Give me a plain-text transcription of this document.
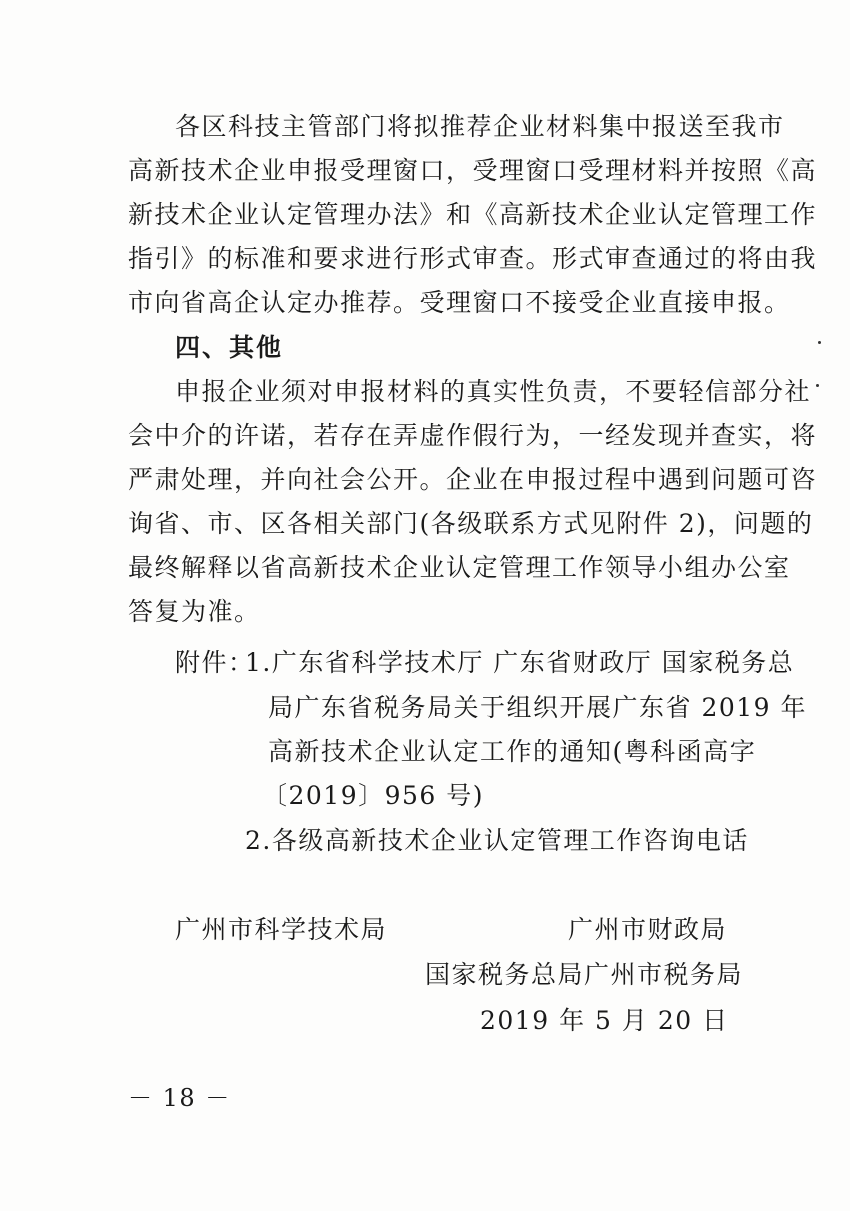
各区科技主管部门将拟推荐企业材料集中报送至我市
高新技术企业申报受理窗口，受理窗口受理材料并按照《高
新技术企业认定管理办法》和《高新技术企业认定管理工作
指引》的标准和要求进行形式审查。形式审查通过的将由我
市向省高企认定办推荐。受理窗口不接受企业直接申报。
四、其他
申报企业须对申报材料的真实性负责，不要轻信部分社
会中介的许诺，若存在弄虚作假行为，一经发现并查实，将
严肃处理，并向社会公开。企业在申报过程中遇到问题可咨
询省、市、区各相关部门(各级联系方式见附件 2)，问题的
最终解释以省高新技术企业认定管理工作领导小组办公室
答复为准。
附件：
1.广东省科学技术厅 广东省财政厅 国家税务总
局广东省税务局关于组织开展广东省 2019 年
高新技术企业认定工作的通知(粤科函高字
〔2019〕956 号)
2.各级高新技术企业认定管理工作咨询电话
广州市科学技术局	广州市财政局
国家税务总局广州市税务局
2019 年 5 月 20 日
－ 18 －
